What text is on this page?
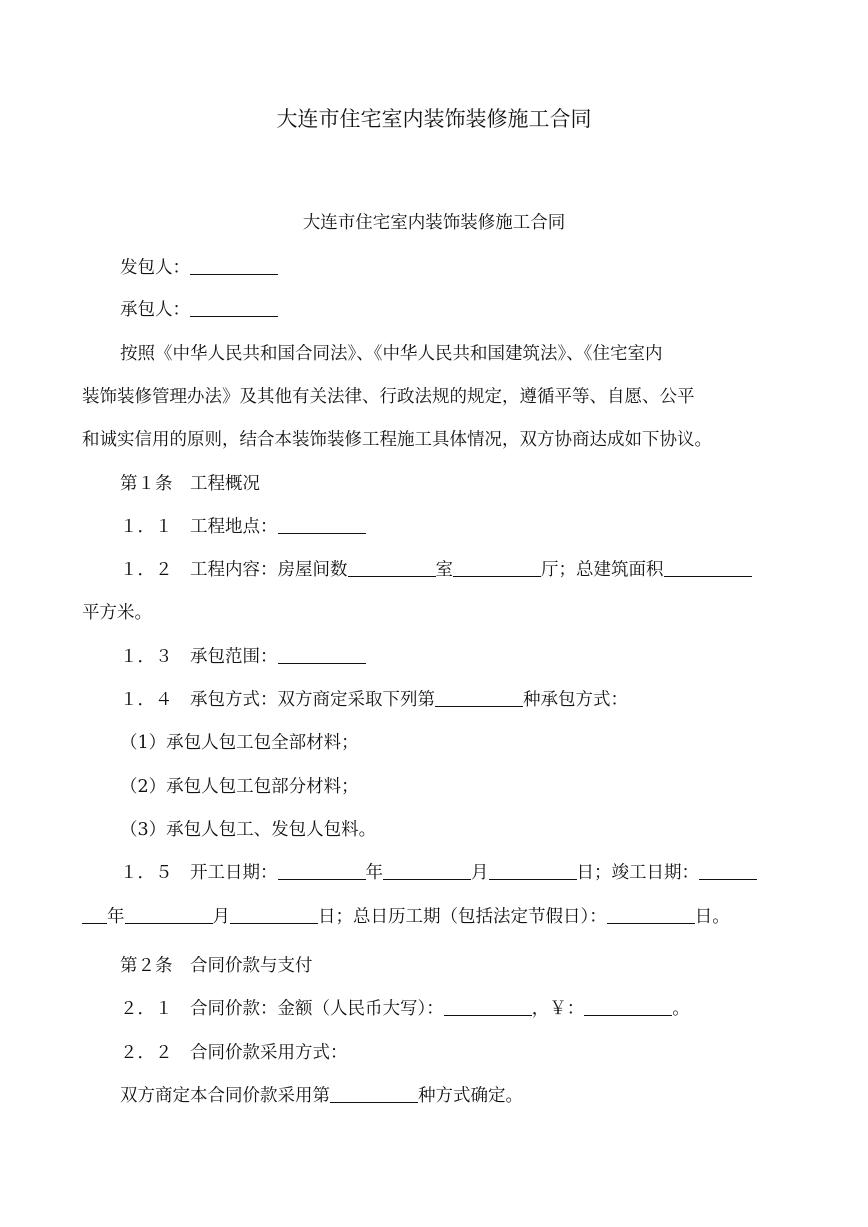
大连市住宅室内装饰装修施工合同
大连市住宅室内装饰装修施工合同
发包人：
承包人：
按照《中华人民共和国合同法》、《中华人民共和国建筑法》、《住宅室内
装饰装修管理办法》及其他有关法律、行政法规的规定，遵循平等、自愿、公平
和诚实信用的原则，结合本装饰装修工程施工具体情况，双方协商达成如下协议。
第１条　工程概况
１．１　工程地点：
１．２　工程内容：房屋间数	室	厅；总建筑面积
平方米。
１．３　承包范围：
１．４　承包方式：双方商定采取下列第	种承包方式：
（1）承包人包工包全部材料；
（2）承包人包工包部分材料；
（3）承包人包工、发包人包料。
１．５　开工日期：	年	月	日；竣工日期：
年	月	日；总日历工期（包括法定节假日）：	日。
第２条　合同价款与支付
２．１　合同价款：金额（人民币大写）：	，￥：	。
２．２　合同价款采用方式：
双方商定本合同价款采用第	种方式确定。
